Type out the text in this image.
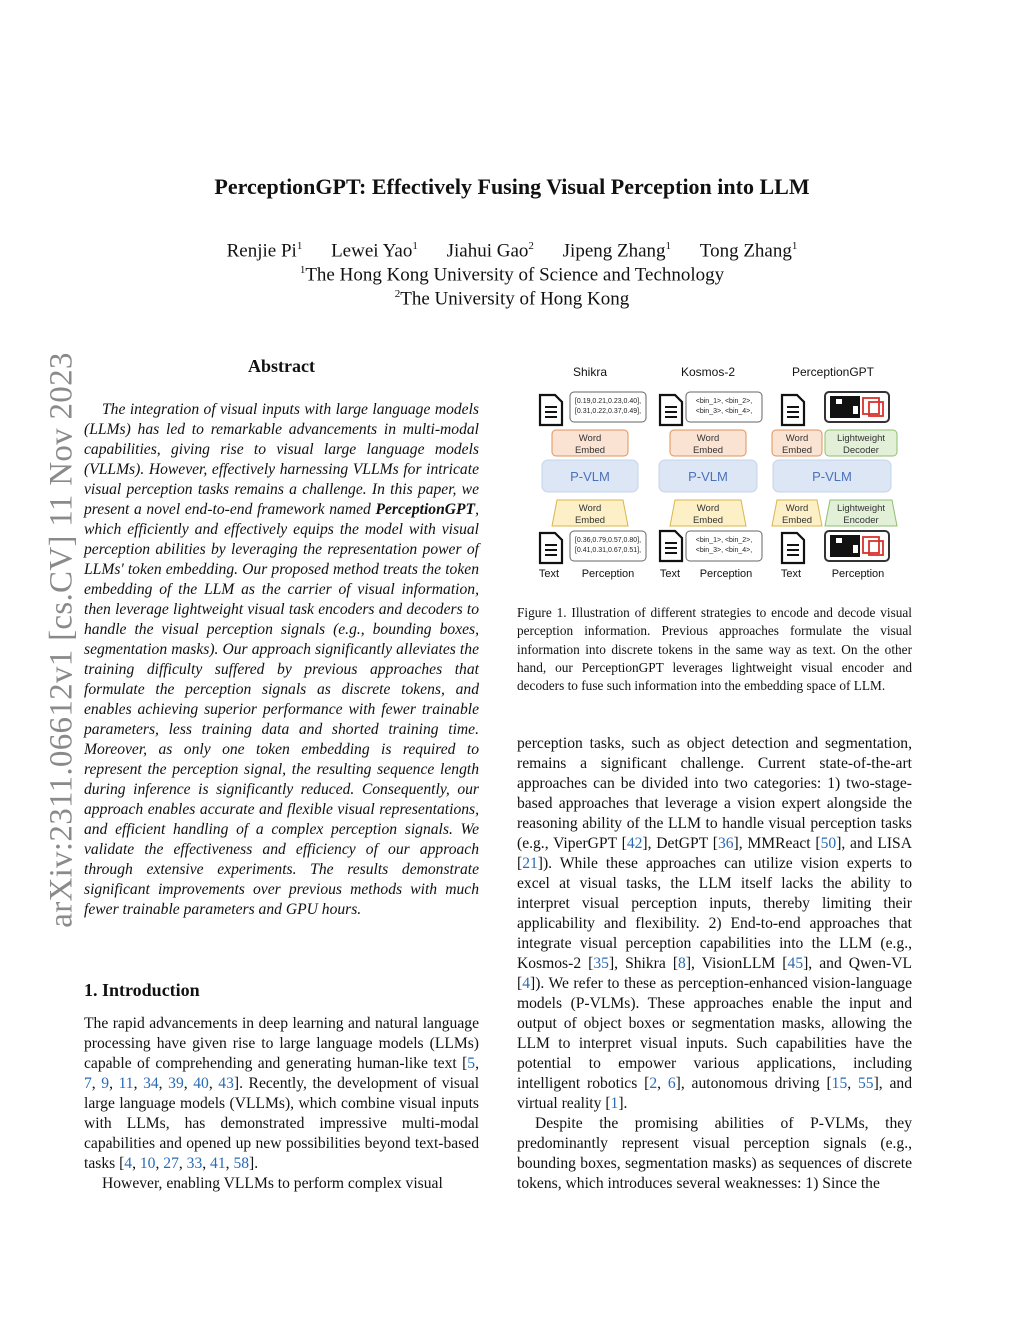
arXiv:2311.06612v1 [cs.CV] 11 Nov 2023
PerceptionGPT: Effectively Fusing Visual Perception into LLM
Renjie Pi$^1$ Lewei Yao$^1$ Jiahui Gao$^2$ Jipeng Zhang$^1$ Tong Zhang$^1$
$^1$The Hong Kong University of Science and Technology
$^2$The University of Hong Kong
Abstract

The integration of visual inputs with large language models (LLMs) has led to remarkable advancements in multi-modal capabilities, giving rise to visual large language models (VLLMs). However, effectively harnessing VLLMs for intricate visual perception tasks remains a challenge. In this paper, we present a novel end-to-end framework named PerceptionGPT, which efficiently and effectively equips the model with visual perception abilities by leveraging the representation power of LLMs' token embedding. Our proposed method treats the token embedding of the LLM as the carrier of visual information, then leverage lightweight visual task encoders and decoders to handle the visual perception signals (e.g., bounding boxes, segmentation masks). Our approach significantly alleviates the training difficulty suffered by previous approaches that formulate the perception signals as discrete tokens, and enables achieving superior performance with fewer trainable parameters, less training data and shorted training time. Moreover, as only one token embedding is required to represent the perception signal, the resulting sequence length during inference is significantly reduced. Consequently, our approach enables accurate and flexible visual representations, and efficient handling of a complex perception signals. We validate the effectiveness and efficiency of our approach through extensive experiments. The results demonstrate significant improvements over previous methods with much fewer trainable parameters and GPU hours.

1. Introduction

The rapid advancements in deep learning and natural language processing have given rise to large language models (LLMs) capable of comprehending and generating human-like text [5, 7, 9, 11, 34, 39, 40, 43]. Recently, the development of visual large language models (VLLMs), which combine visual inputs with LLMs, has demonstrated impressive multi-modal capabilities and opened up new possibilities beyond text-based tasks [4, 10, 27, 33, 41, 58].

However, enabling VLLMs to perform complex visual

Shikra	Kosmos-2	PerceptionGPT
[0.19,0.21,0.23,0.40],
[0.31,0.22,0.37,0.49],
<bin_1>, <bin_2>,
<bin_3>, <bin_4>,
Word
Embed
Word
Embed
Word
Embed
Lightweight
Decoder
P-VLM	P-VLM	P-VLM
Word
Embed
Word
Embed
Word
Embed
Lightweight
Encoder
[0.36,0.79,0.57,0.80],
[0.41,0.31,0.67,0.51],
<bin_1>, <bin_2>,
<bin_3>, <bin_4>,
Text Perception Text Perception	Text	Perception
Figure 1. Illustration of different strategies to encode and decode visual perception information. Previous approaches formulate the visual information into discrete tokens in the same way as text. On the other hand, our PerceptionGPT leverages lightweight visual encoder and decoders to fuse such information into the embedding space of LLM.

perception tasks, such as object detection and segmentation, remains a significant challenge. Current state-of-the-art approaches can be divided into two categories: 1) two-stage-based approaches that leverage a vision expert alongside the reasoning ability of the LLM to handle visual perception tasks (e.g., ViperGPT [42], DetGPT [36], MMReact [50], and LISA [21]). While these approaches can utilize vision experts to excel at visual tasks, the LLM itself lacks the ability to interpret visual perception inputs, thereby limiting their applicability and flexibility. 2) End-to-end approaches that integrate visual perception capabilities into the LLM (e.g., Kosmos-2 [35], Shikra [8], VisionLLM [45], and Qwen-VL [4]). We refer to these as perception-enhanced vision-language models (P-VLMs). These approaches enable the input and output of object boxes or segmentation masks, allowing the LLM to interpret visual inputs. Such capabilities have the potential to empower various applications, including intelligent robotics [2, 6], autonomous driving [15, 55], and virtual reality [1].

Despite the promising abilities of P-VLMs, they predominantly represent visual perception signals (e.g., bounding boxes, segmentation masks) as sequences of discrete tokens, which introduces several weaknesses: 1) Since the
